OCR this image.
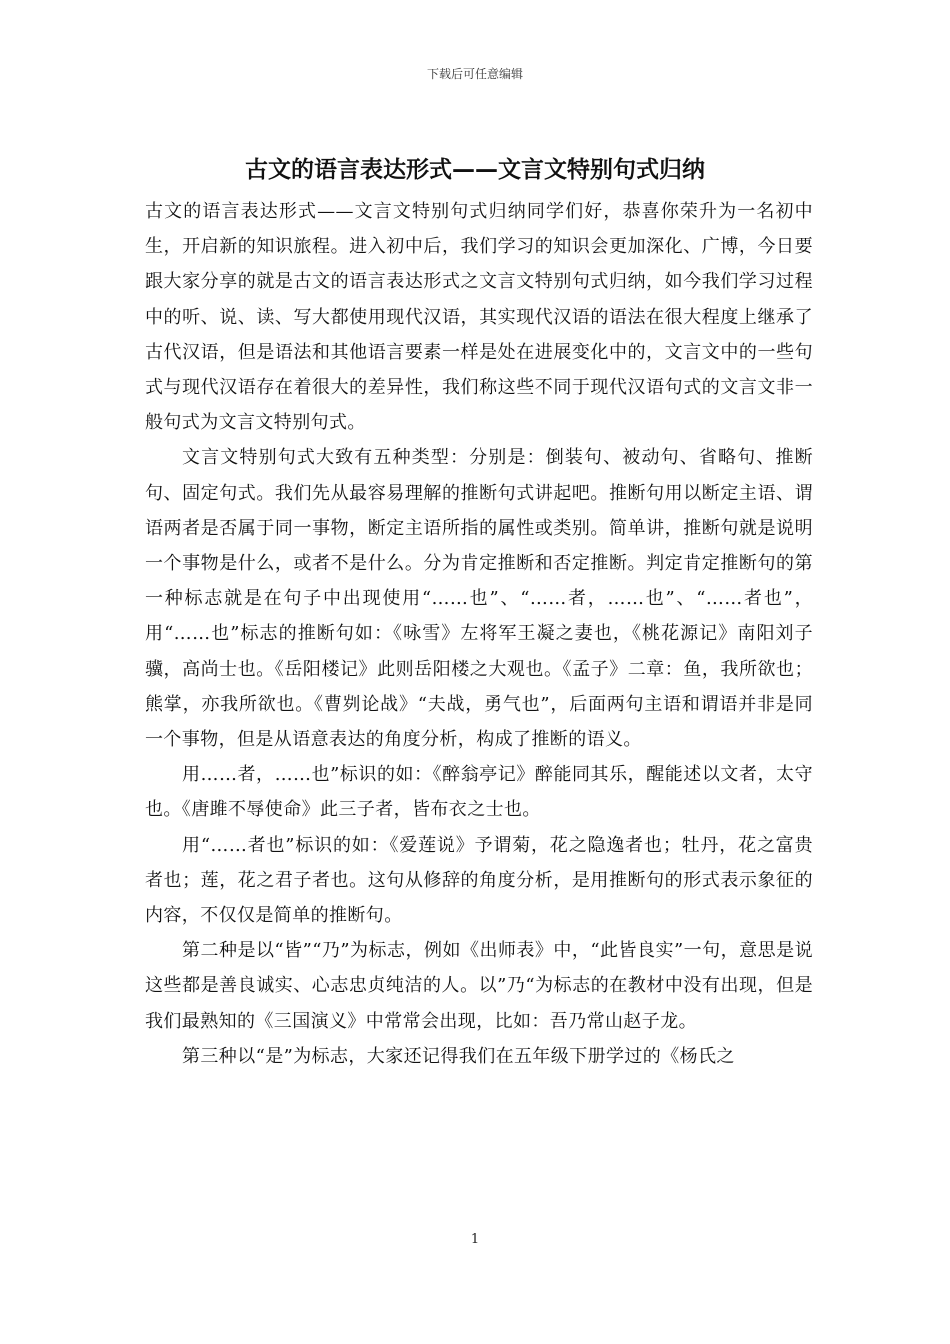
下载后可任意编辑
古文的语言表达形式——文言文特别句式归纳

古文的语言表达形式——文言文特别句式归纳同学们好，恭喜你荣升为一名初中生，开启新的知识旅程。进入初中后，我们学习的知识会更加深化、广博，今日要跟大家分享的就是古文的语言表达形式之文言文特别句式归纳，如今我们学习过程中的听、说、读、写大都使用现代汉语，其实现代汉语的语法在很大程度上继承了古代汉语，但是语法和其他语言要素一样是处在进展变化中的，文言文中的一些句式与现代汉语存在着很大的差异性，我们称这些不同于现代汉语句式的文言文非一般句式为文言文特别句式。

文言文特别句式大致有五种类型：分别是：倒装句、被动句、省略句、推断句、固定句式。我们先从最容易理解的推断句式讲起吧。推断句用以断定主语、谓语两者是否属于同一事物，断定主语所指的属性或类别。简单讲，推断句就是说明一个事物是什么，或者不是什么。分为肯定推断和否定推断。判定肯定推断句的第一种标志就是在句子中出现使用“……也”、“……者，……也”、“……者也”，用“……也”标志的推断句如：《咏雪》左将军王凝之妻也，《桃花源记》南阳刘子骥，高尚士也。《岳阳楼记》此则岳阳楼之大观也。《孟子》二章：鱼，我所欲也；熊掌，亦我所欲也。《曹刿论战》“夫战，勇气也”，后面两句主语和谓语并非是同一个事物，但是从语意表达的角度分析，构成了推断的语义。

用……者，……也”标识的如：《醉翁亭记》醉能同其乐，醒能述以文者，太守也。《唐雎不辱使命》此三子者，皆布衣之士也。

用“……者也”标识的如：《爱莲说》予谓菊，花之隐逸者也；牡丹，花之富贵者也；莲，花之君子者也。这句从修辞的角度分析，是用推断句的形式表示象征的内容，不仅仅是简单的推断句。

第二种是以“皆”“乃”为标志，例如《出师表》中，“此皆良实”一句，意思是说这些都是善良诚实、心志忠贞纯洁的人。以”乃“为标志的在教材中没有出现，但是我们最熟知的《三国演义》中常常会出现，比如：吾乃常山赵子龙。

第三种以“是”为标志，大家还记得我们在五年级下册学过的《杨氏之

1
